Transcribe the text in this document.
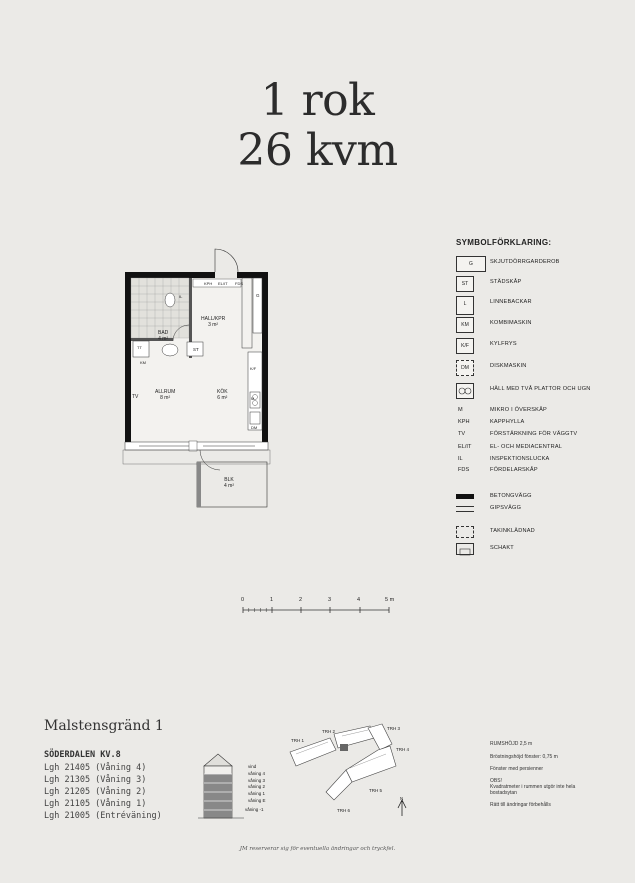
1 rok
26 kvm
HALL/KPR
3 m²
BAD
4 m²
ALLRUM
8 m²
KÖK
6 m²
BLK
4 m²
TV
ST
G
TT
KPH EL/IT FDS
K/F
DM
M
KM
IL
SYMBOLFÖRKLARING:
G	SKJUTDÖRRGARDEROB
ST	STÄDSKÅP
L	LINNEBACKAR
KM	KOMBIMASKIN
K/F	KYLFRYS
DM	DISKMASKIN
HÄLL MED TVÅ PLATTOR OCH UGN
M	MIKRO I ÖVERSKÅP
KPH	KAPPHYLLA
TV	FÖRSTÄRKNING FÖR VÄGGTV
EL/IT	EL- OCH MEDIACENTRAL
IL	INSPEKTIONSLUCKA
FDS	FÖRDELARSKÅP
BETONGVÄGG
GIPSVÄGG
TAKINKLÄDNAD
SCHAKT
0	1	2	3	4	5 m
Malstensgränd 1
SÖDERDALEN KV.8
Lgh 21405 (Våning 4)
Lgh 21305 (Våning 3)
Lgh 21205 (Våning 2)
Lgh 21105 (Våning 1)
Lgh 21005 (Entréväning)
vind
våning 4
våning 3
våning 2
våning 1
våning E
våning -1
TRH 1
TRH 2
TRH 3
TRH 4
TRH 5
TRH 6
N
RUMSHÖJD 2,5 m
Bröstningshöjd fönster: 0,75 m
Fönster med persienner
OBS!
Kvadratmeter i rummen utgör inte hela bostadsytan
Rätt till ändringar förbehålls
JM reserverar sig för eventuella ändringar och tryckfel.
